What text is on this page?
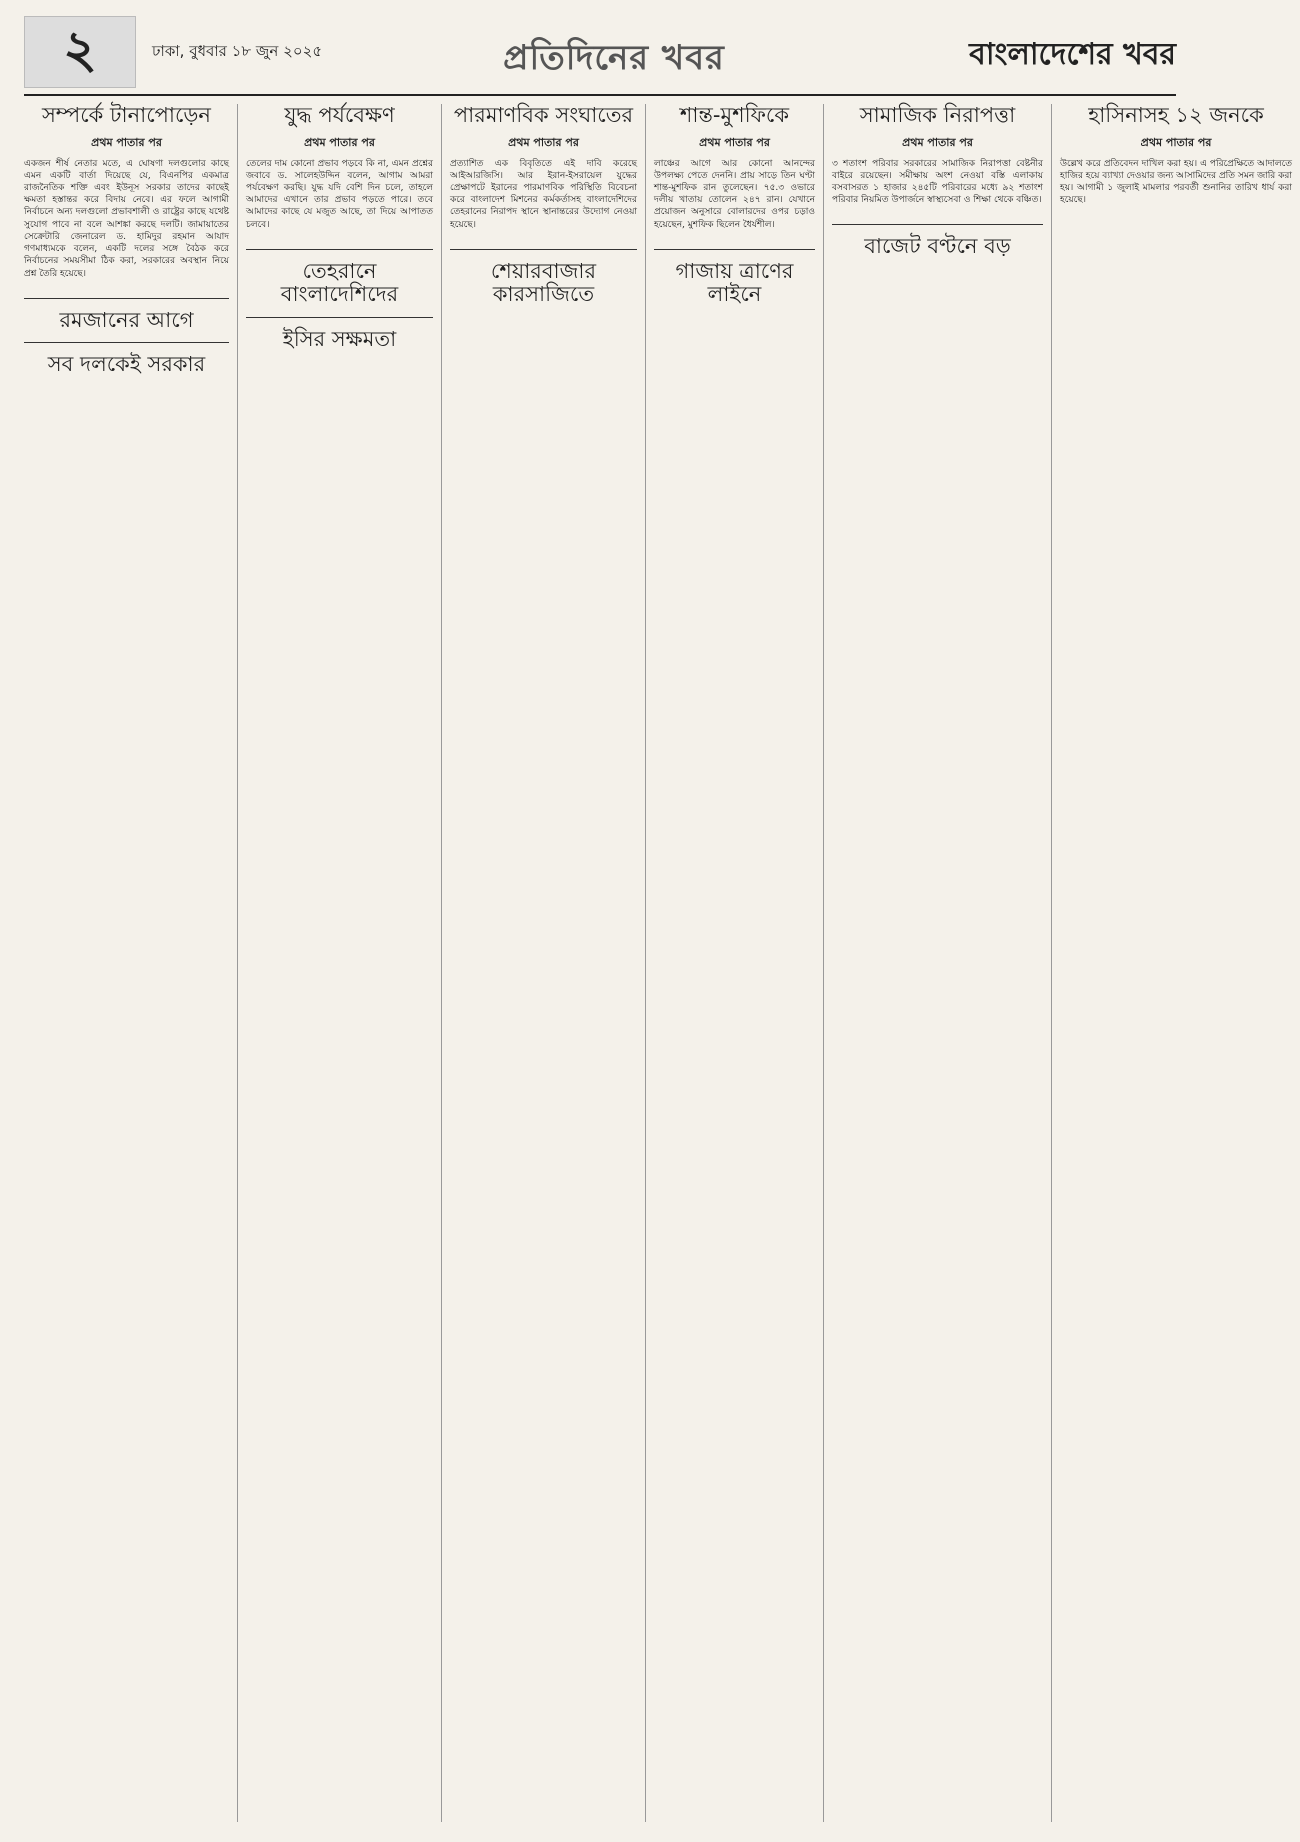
২	ঢাকা, বুধবার ১৮ জুন ২০২৫	প্রতিদিনের খবর	বাংলাদেশের খবর
সম্পর্কে টানাপোড়েন
প্রথম পাতার পর

একজন শীর্ষ নেতার মতে, এ ঘোষণা দলগুলোর কাছে এমন একটি বার্তা দিয়েছে যে, বিএনপির একমাত্র রাজনৈতিক শক্তি এবং ইউনূস সরকার তাদের কাছেই ক্ষমতা হস্তান্তর করে বিদায় নেবে। এর ফলে আগামী নির্বাচনে অন্য দলগুলো প্রভাবশালী ও রাষ্ট্রের কাছে যথেষ্ট সুযোগ পাবে না বলে আশঙ্কা করছে দলটি। জামায়াতের সেক্রেটারি জেনারেল ড. হামিদুর রহমান আযাদ গণমাধ্যমকে বলেন, একটি দলের সঙ্গে বৈঠক করে নির্বাচনের সময়সীমা ঠিক করা, সরকারের অবস্থান নিয়ে প্রশ্ন তৈরি হয়েছে।

রমজানের আগে
সব দলকেই সরকার
যুদ্ধ পর্যবেক্ষণ
প্রথম পাতার পর

তেলের দাম কোনো প্রভাব পড়বে কি না, এমন প্রশ্নের জবাবে ড. সালেহউদ্দিন বলেন, আগাম আমরা পর্যবেক্ষণ করছি। যুদ্ধ যদি বেশি দিন চলে, তাহলে আমাদের এখানে তার প্রভাব পড়তে পারে। তবে আমাদের কাছে যে মজুত আছে, তা দিয়ে আপাতত চলবে।

তেহরানে বাংলাদেশিদের
ইসির সক্ষমতা
পারমাণবিক সংঘাতের
প্রথম পাতার পর

প্রত্যাশিত এক বিবৃতিতে এই দাবি করেছে আইআরজিসি। আর ইরান-ইসরায়েল যুদ্ধের প্রেক্ষাপটে ইরানের পারমাণবিক পরিস্থিতি বিবেচনা করে বাংলাদেশ মিশনের কর্মকর্তাসহ বাংলাদেশিদের তেহরানের নিরাপদ স্থানে স্থানান্তরের উদ্যোগ নেওয়া হয়েছে।

শেয়ারবাজার কারসাজিতে
শান্ত-মুশফিকে
প্রথম পাতার পর

লাঞ্চের আগে আর কোনো আনন্দের উপলক্ষ্য পেতে দেননি। প্রায় সাড়ে তিন ঘণ্টা শান্ত-মুশফিক রান তুলেছেন। ৭৫.৩ ওভারে দলীয় খাতায় তোলেন ২৪৭ রান। যেখানে প্রয়োজন অনুসারে বোলারদের ওপর চড়াও হয়েছেন, মুশফিক ছিলেন ধৈর্যশীল।

গাজায় ত্রাণের লাইনে
সামাজিক নিরাপত্তা
প্রথম পাতার পর

৩ শতাংশ পরিবার সরকারের সামাজিক নিরাপত্তা বেষ্টনীর বাইরে রয়েছেন। সমীক্ষায় অংশ নেওয়া বস্তি এলাকায় বসবাসরত ১ হাজার ২৪৫টি পরিবারের মধ্যে ৯২ শতাংশ পরিবার নিয়মিত উপার্জনে স্বাস্থ্যসেবা ও শিক্ষা থেকে বঞ্চিত।

বাজেট বণ্টনে বড়
হাসিনাসহ ১২ জনকে
প্রথম পাতার পর

উল্লেখ করে প্রতিবেদন দাখিল করা হয়। এ পরিপ্রেক্ষিতে আদালতে হাজির হয়ে ব্যাখ্যা দেওয়ার জন্য আসামিদের প্রতি সমন জারি করা হয়। আগামী ১ জুলাই মামলার পরবর্তী শুনানির তারিখ ধার্য করা হয়েছে।
